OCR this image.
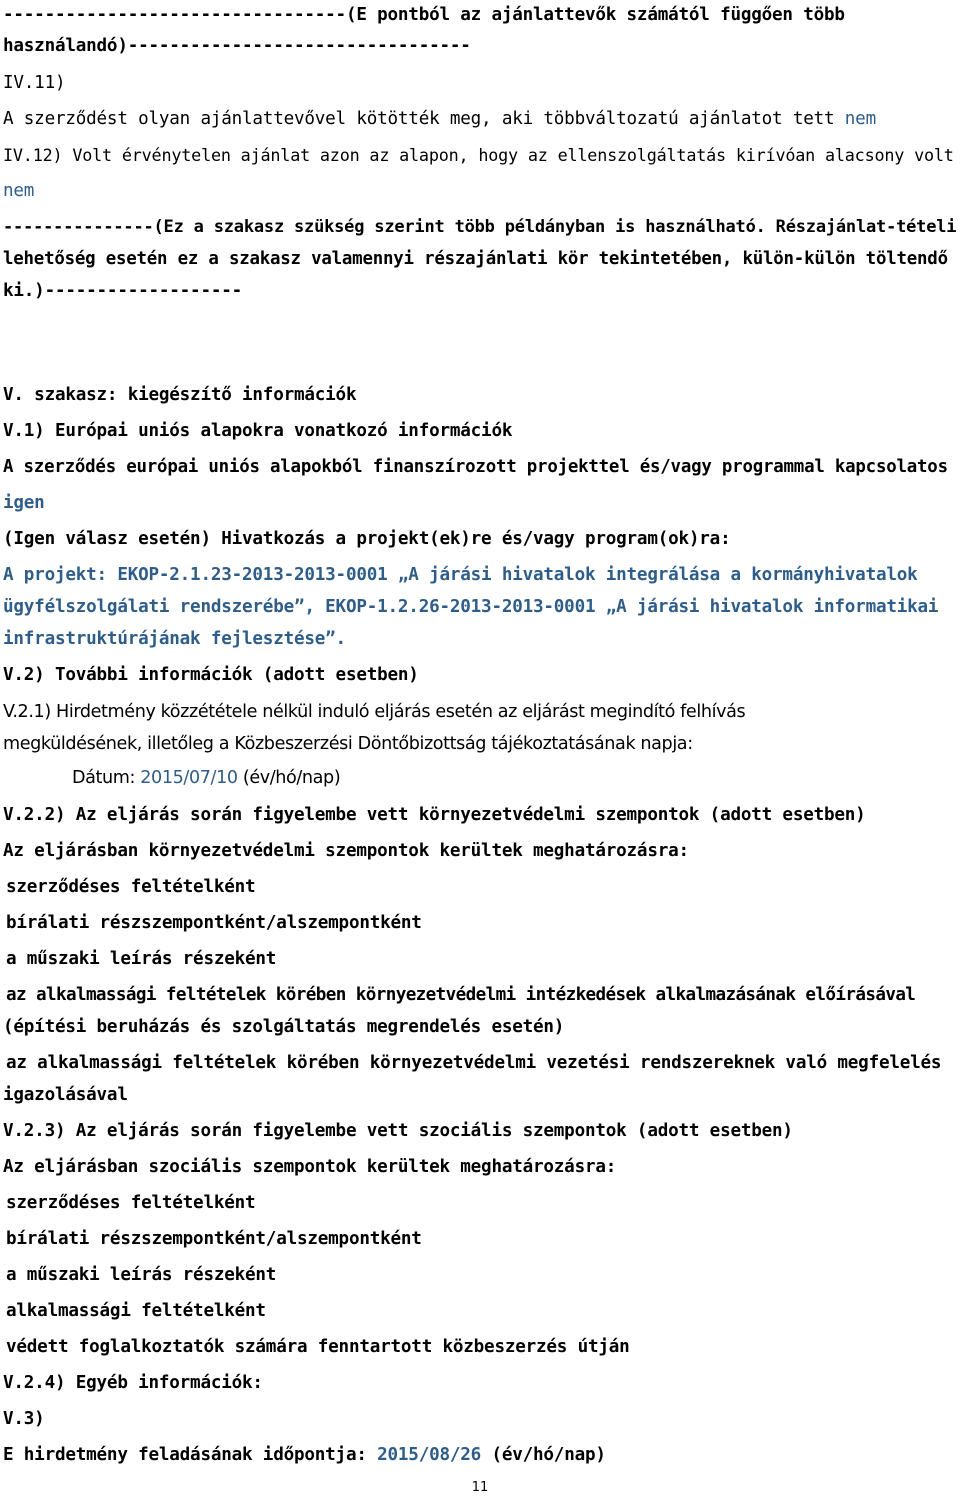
---------------------------------(E pontból az ajánlattevők számától függően több
használandó)---------------------------------
IV.11)
A szerződést olyan ajánlattevővel kötötték meg, aki többváltozatú ajánlatot tett nem
IV.12) Volt érvénytelen ajánlat azon az alapon, hogy az ellenszolgáltatás kirívóan alacsony volt
nem
---------------(Ez a szakasz szükség szerint több példányban is használható. Részajánlat-tételi
lehetőség esetén ez a szakasz valamennyi részajánlati kör tekintetében, külön-külön töltendő
ki.)-------------------
V. szakasz: kiegészítő információk
V.1) Európai uniós alapokra vonatkozó információk
A szerződés európai uniós alapokból finanszírozott projekttel és/vagy programmal kapcsolatos
igen
(Igen válasz esetén) Hivatkozás a projekt(ek)re és/vagy program(ok)ra:
A projekt: EKOP-2.1.23-2013-2013-0001 „A járási hivatalok integrálása a kormányhivatalok
ügyfélszolgálati rendszerébe”, EKOP-1.2.26-2013-2013-0001 „A járási hivatalok informatikai
infrastruktúrájának fejlesztése”.
V.2) További információk (adott esetben)
V.2.1) Hirdetmény közzététele nélkül induló eljárás esetén az eljárást megindító felhívás
megküldésének, illetőleg a Közbeszerzési Döntőbizottság tájékoztatásának napja:
Dátum: 2015/07/10 (év/hó/nap)
V.2.2) Az eljárás során figyelembe vett környezetvédelmi szempontok (adott esetben)
Az eljárásban környezetvédelmi szempontok kerültek meghatározásra:
szerződéses feltételként
bírálati részszempontként/alszempontként
a műszaki leírás részeként
az alkalmassági feltételek körében környezetvédelmi intézkedések alkalmazásának előírásával
(építési beruházás és szolgáltatás megrendelés esetén)
az alkalmassági feltételek körében környezetvédelmi vezetési rendszereknek való megfelelés
igazolásával
V.2.3) Az eljárás során figyelembe vett szociális szempontok (adott esetben)
Az eljárásban szociális szempontok kerültek meghatározásra:
szerződéses feltételként
bírálati részszempontként/alszempontként
a műszaki leírás részeként
alkalmassági feltételként
védett foglalkoztatók számára fenntartott közbeszerzés útján
V.2.4) Egyéb információk:
V.3)
E hirdetmény feladásának időpontja: 2015/08/26 (év/hó/nap)
11
